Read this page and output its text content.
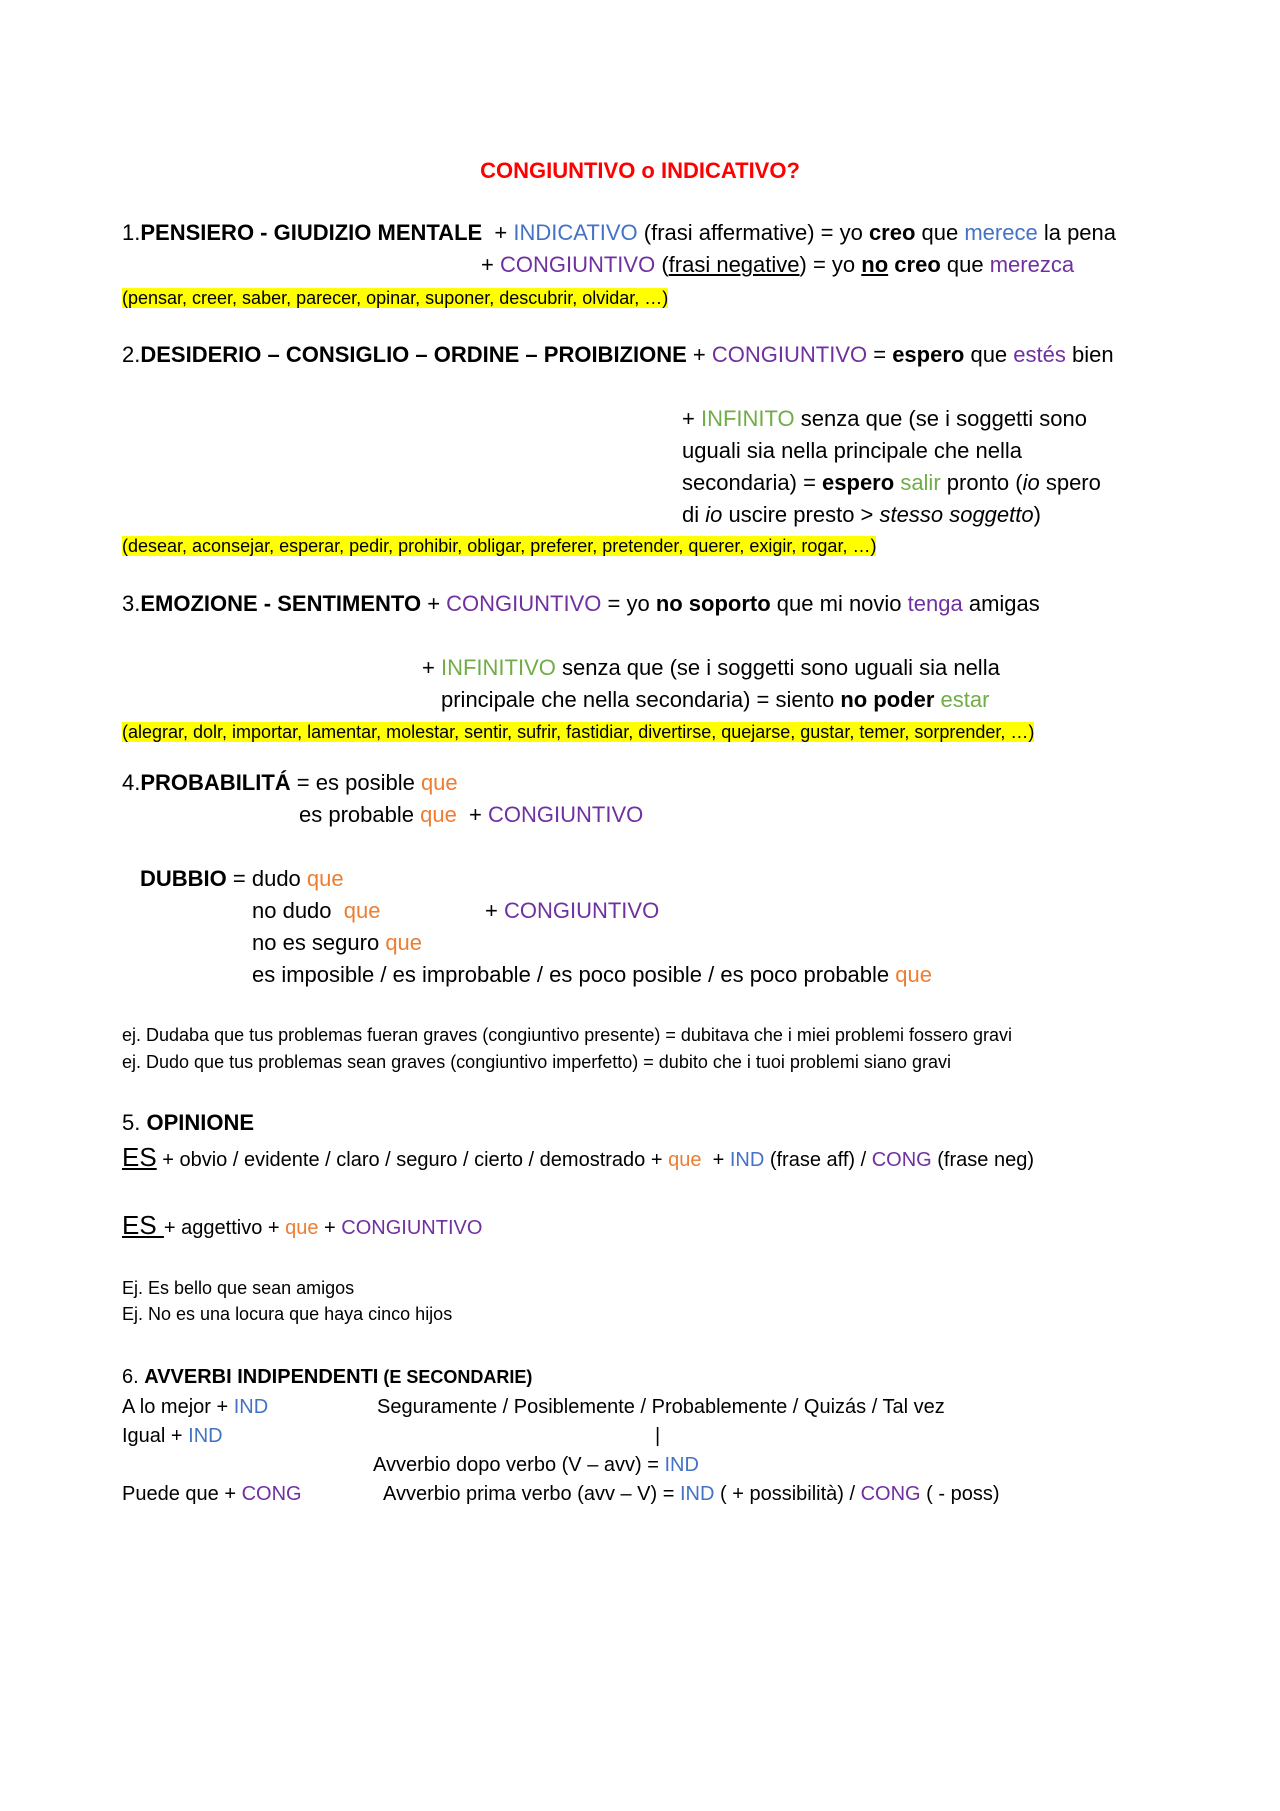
CONGIUNTIVO o INDICATIVO?
1.PENSIERO - GIUDIZIO MENTALE + INDICATIVO (frasi affermative) = yo creo que merece la pena
+ CONGIUNTIVO (frasi negative) = yo no creo que merezca
(pensar, creer, saber, parecer, opinar, suponer, descubrir, olvidar, …)
2.DESIDERIO – CONSIGLIO – ORDINE – PROIBIZIONE + CONGIUNTIVO = espero que estés bien
+ INFINITO senza que (se i soggetti sono
uguali sia nella principale che nella
secondaria) = espero salir pronto (io spero
di io uscire presto > stesso soggetto)
(desear, aconsejar, esperar, pedir, prohibir, obligar, preferer, pretender, querer, exigir, rogar, …)
3.EMOZIONE - SENTIMENTO + CONGIUNTIVO = yo no soporto que mi novio tenga amigas
+ INFINITIVO senza que (se i soggetti sono uguali sia nella
principale che nella secondaria) = siento no poder estar
(alegrar, dolr, importar, lamentar, molestar, sentir, sufrir, fastidiar, divertirse, quejarse, gustar, temer, sorprender, …)
4.PROBABILITÁ = es posible que
es probable que  + CONGIUNTIVO
DUBBIO = dudo que
no dudo  que	+ CONGIUNTIVO
no es seguro que
es imposible / es improbable / es poco posible / es poco probable que
ej. Dudaba que tus problemas fueran graves (congiuntivo presente) = dubitava che i miei problemi fossero gravi
ej. Dudo que tus problemas sean graves (congiuntivo imperfetto) = dubito che i tuoi problemi siano gravi
5. OPINIONE
ES + obvio / evidente / claro / seguro / cierto / demostrado + que  + IND (frase aff) / CONG (frase neg)
ES + aggettivo + que + CONGIUNTIVO
Ej. Es bello que sean amigos
Ej. No es una locura que haya cinco hijos
6. AVVERBI INDIPENDENTI (E SECONDARIE)
A lo mejor + IND	Seguramente / Posiblemente / Probablemente / Quizás / Tal vez
Igual + IND	|
Avverbio dopo verbo (V – avv) = IND
Puede que + CONG	Avverbio prima verbo (avv – V) = IND ( + possibilità) / CONG ( - poss)
